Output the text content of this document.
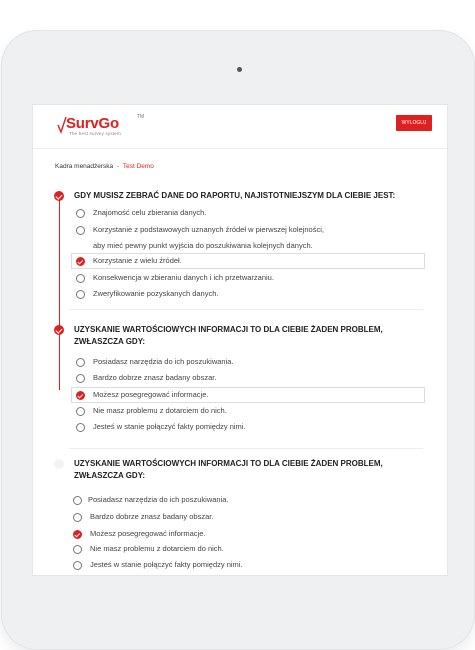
SurvGo	TM
The best survey system
WYLOGUJ
Kadra menadżerska - Test Demo
GDY MUSISZ ZEBRAĆ DANE DO RAPORTU, NAJISTOTNIEJSZYM DLA CIEBIE JEST:
Znajomość celu zbierania danych.
Korzystanie z podstawowych uznanych źródeł w pierwszej kolejności,
aby mieć pewny punkt wyjścia do poszukiwania kolejnych danych.
Korzystanie z wielu źródeł.
Konsekwencja w zbieraniu danych i ich przetwarzaniu.
Zweryfikowanie pozyskanych danych.
UZYSKANIE WARTOŚCIOWYCH INFORMACJI TO DLA CIEBIE ŻADEN PROBLEM,
ZWŁASZCZA GDY:
Posiadasz narzędzia do ich poszukiwania.
Bardzo dobrze znasz badany obszar.
Możesz posegregować informacje.
Nie masz problemu z dotarciem do nich.
Jesteś w stanie połączyć fakty pomiędzy nimi.
UZYSKANIE WARTOŚCIOWYCH INFORMACJI TO DLA CIEBIE ŻADEN PROBLEM,
ZWŁASZCZA GDY:
Posiadasz narzędzia do ich poszukiwania.
Bardzo dobrze znasz badany obszar.
Możesz posegregować informacje.
Nie masz problemu z dotarciem do nich.
Jesteś w stanie połączyć fakty pomiędzy nimi.
